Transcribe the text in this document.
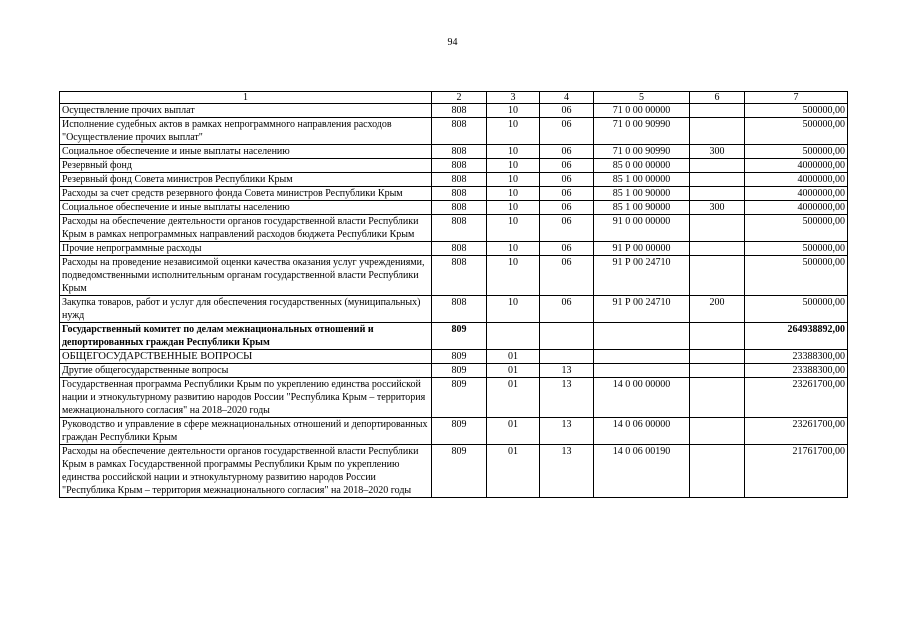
94
1	2	3	4	5	6	7
Осуществление прочих выплат	808	10	06	71 0 00 00000		500000,00
Исполнение судебных актов в рамках непрограммного направления расходов "Осуществление прочих выплат"	808	10	06	71 0 00 90990		500000,00
Социальное обеспечение и иные выплаты населению	808	10	06	71 0 00 90990	300	500000,00
Резервный фонд	808	10	06	85 0 00 00000		4000000,00
Резервный фонд Совета министров Республики Крым	808	10	06	85 1 00 00000		4000000,00
Расходы за счет средств резервного фонда Совета министров Республики Крым	808	10	06	85 1 00 90000		4000000,00
Социальное обеспечение и иные выплаты населению	808	10	06	85 1 00 90000	300	4000000,00
Расходы на обеспечение деятельности органов государственной власти Республики Крым в рамках непрограммных направлений расходов бюджета Республики Крым	808	10	06	91 0 00 00000		500000,00
Прочие непрограммные расходы	808	10	06	91 Р 00 00000		500000,00
Расходы на проведение независимой оценки качества оказания услуг учреждениями, подведомственными исполнительным органам государственной власти Республики Крым	808	10	06	91 Р 00 24710		500000,00
Закупка товаров, работ и услуг для обеспечения государственных (муниципальных) нужд	808	10	06	91 Р 00 24710	200	500000,00
Государственный комитет по делам межнациональных отношений и депортированных граждан Республики Крым	809					264938892,00
ОБЩЕГОСУДАРСТВЕННЫЕ ВОПРОСЫ	809	01				23388300,00
Другие общегосударственные вопросы	809	01	13			23388300,00
Государственная программа Республики Крым по укреплению единства российской нации и этнокультурному развитию народов России "Республика Крым – территория межнационального согласия" на 2018–2020 годы	809	01	13	14 0 00 00000		23261700,00
Руководство и управление в сфере межнациональных отношений и депортированных граждан Республики Крым	809	01	13	14 0 06 00000		23261700,00
Расходы на обеспечение деятельности органов государственной власти Республики Крым в рамках Государственной программы Республики Крым по укреплению единства российской нации и этнокультурному развитию народов России "Республика Крым – территория межнационального согласия" на 2018–2020 годы	809	01	13	14 0 06 00190		21761700,00
